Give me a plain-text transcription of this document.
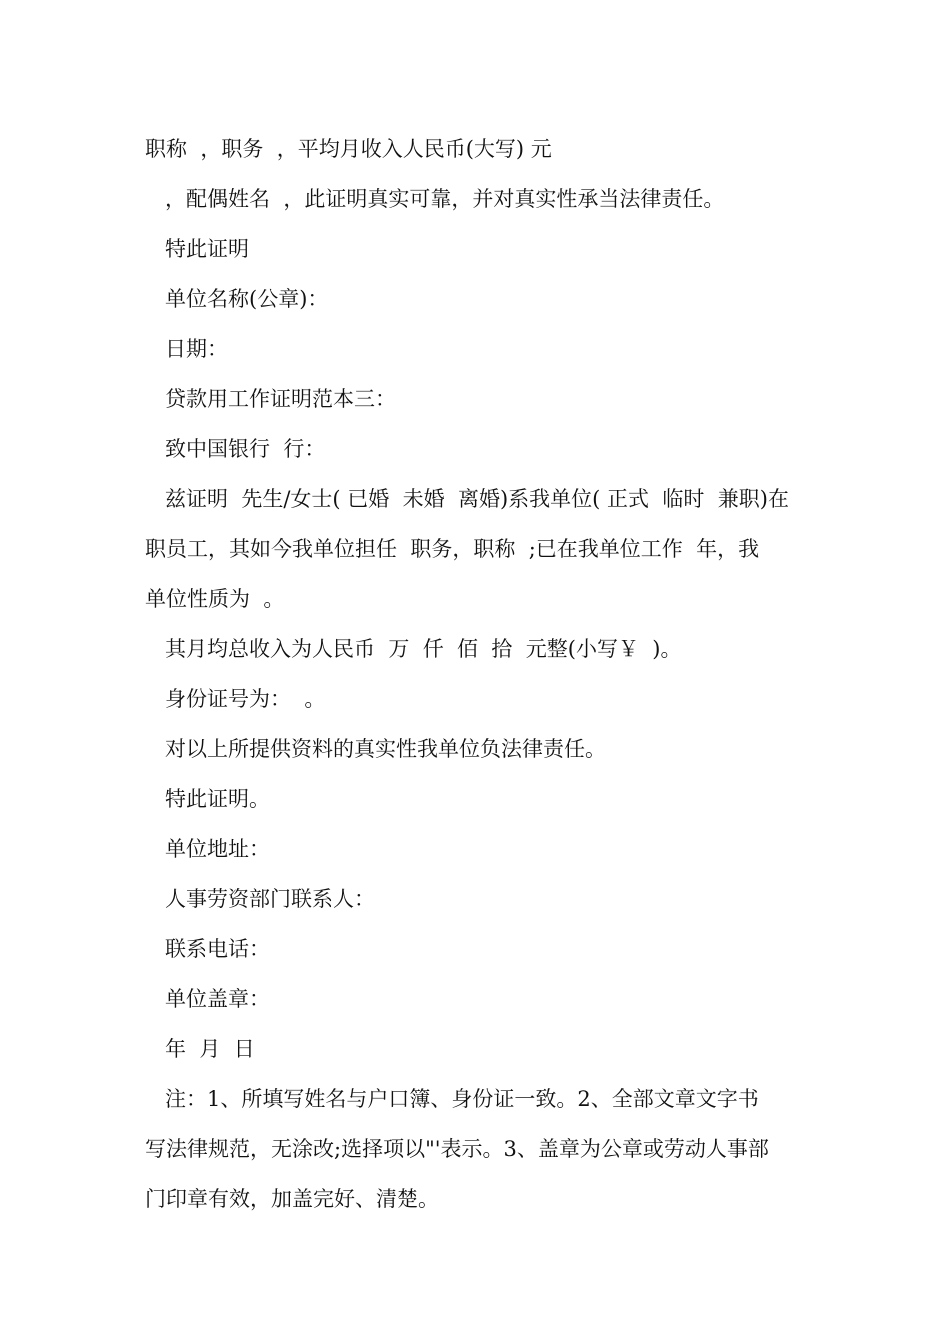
职称  ，职务  ，平均月收入人民币(大写) 元
，配偶姓名  ，此证明真实可靠，并对真实性承当法律责任。
特此证明
单位名称(公章)：
日期：
贷款用工作证明范本三：
致中国银行  行：
兹证明  先生/女士( 已婚  未婚  离婚)系我单位( 正式  临时  兼职)在
职员工，其如今我单位担任  职务，职称  ;已在我单位工作  年，我
单位性质为  。
其月均总收入为人民币  万  仟  佰  拾  元整(小写￥  )。
身份证号为：  。
对以上所提供资料的真实性我单位负法律责任。
特此证明。
单位地址：
人事劳资部门联系人：
联系电话：
单位盖章：
年  月  日
注：1、所填写姓名与户口簿、身份证一致。2、全部文章文字书
写法律规范，无涂改;选择项以"'表示。3、盖章为公章或劳动人事部
门印章有效，加盖完好、清楚。
